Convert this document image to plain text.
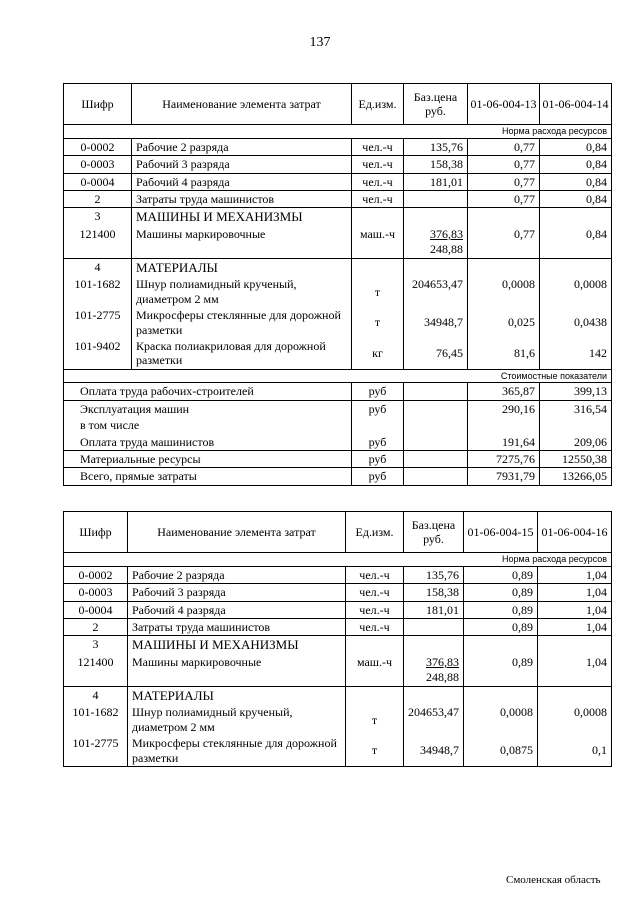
137
Шифр	Наименование элемента затрат	Ед.изм.	Баз.цена руб.	01-06-004-13	01-06-004-14
Норма расхода ресурсов					
0-0002	Рабочие 2 разряда	чел.-ч	135,76	0,77	0,84
0-0003	Рабочий 3 разряда	чел.-ч	158,38	0,77	0,84
0-0004	Рабочий 4 разряда	чел.-ч	181,01	0,77	0,84
2	Затраты труда машинистов	чел.-ч		0,77	0,84
3	МАШИНЫ И МЕХАНИЗМЫ				
121400	Машины маркировочные	маш.-ч	376,83	0,77	0,84
			248,88		
4	МАТЕРИАЛЫ				
101-1682	Шнур полиамидный крученый, диаметром 2 мм	т	204653,47	0,0008	0,0008
101-2775	Микросферы стеклянные для дорожной разметки	т	34948,7	0,025	0,0438
101-9402	Краска полиакриловая для дорожной разметки	кг	76,45	81,6	142
Стоимостные показатели					
Оплата труда рабочих-строителей		руб		365,87	399,13
Эксплуатация машин		руб		290,16	316,54
в том числе					
Оплата труда машинистов		руб		191,64	209,06
Материальные ресурсы		руб		7275,76	12550,38
Всего, прямые затраты		руб		7931,79	13266,05
Шифр	Наименование элемента затрат	Ед.изм.	Баз.цена руб.	01-06-004-15	01-06-004-16
Норма расхода ресурсов					
0-0002	Рабочие 2 разряда	чел.-ч	135,76	0,89	1,04
0-0003	Рабочий 3 разряда	чел.-ч	158,38	0,89	1,04
0-0004	Рабочий 4 разряда	чел.-ч	181,01	0,89	1,04
2	Затраты труда машинистов	чел.-ч		0,89	1,04
3	МАШИНЫ И МЕХАНИЗМЫ				
121400	Машины маркировочные	маш.-ч	376,83	0,89	1,04
			248,88		
4	МАТЕРИАЛЫ				
101-1682	Шнур полиамидный крученый, диаметром 2 мм	т	204653,47	0,0008	0,0008
101-2775	Микросферы стеклянные для дорожной разметки	т	34948,7	0,0875	0,1
Смоленская область
